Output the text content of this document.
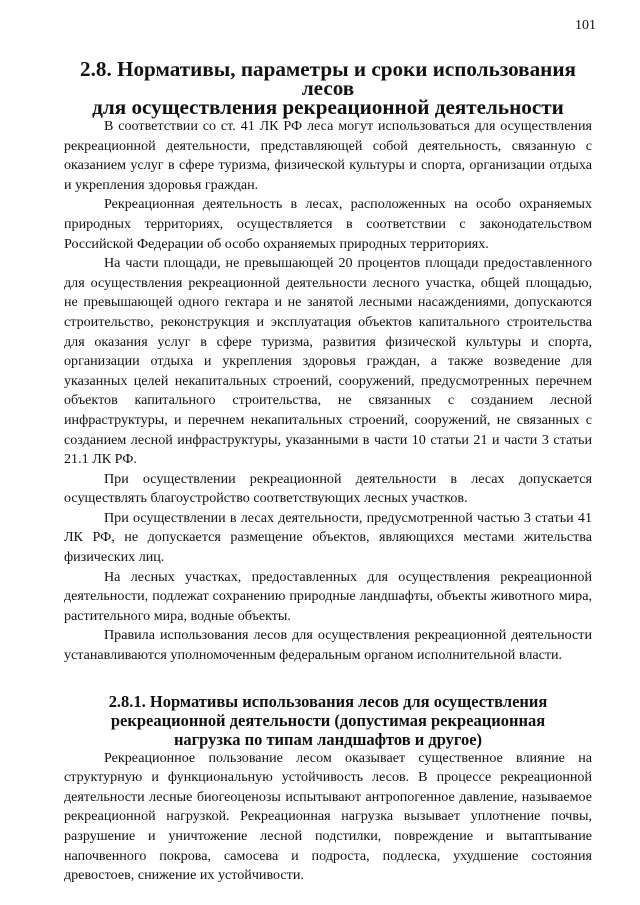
101
2.8. Нормативы, параметры и сроки использования лесов
для осуществления рекреационной деятельности

В соответствии со ст. 41 ЛК РФ леса могут использоваться для осуществления рекреационной деятельности, представляющей собой деятельность, связанную с оказанием услуг в сфере туризма, физической культуры и спорта, организации отдыха и укрепления здоровья граждан.

Рекреационная деятельность в лесах, расположенных на особо охраняемых природных территориях, осуществляется в соответствии с законодательством Российской Федерации об особо охраняемых природных территориях.

На части площади, не превышающей 20 процентов площади предоставленного для осуществления рекреационной деятельности лесного участка, общей площадью, не превышающей одного гектара и не занятой лесными насаждениями, допускаются строительство, реконструкция и эксплуатация объектов капитального строительства для оказания услуг в сфере туризма, развития физической культуры и спорта, организации отдыха и укрепления здоровья граждан, а также возведение для указанных целей некапитальных строений, сооружений, предусмотренных перечнем объектов капитального строительства, не связанных с созданием лесной инфраструктуры, и перечнем некапитальных строений, сооружений, не связанных с созданием лесной инфраструктуры, указанными в части 10 статьи 21 и части 3 статьи 21.1 ЛК РФ.

При осуществлении рекреационной деятельности в лесах допускается осуществлять благоустройство соответствующих лесных участков.

При осуществлении в лесах деятельности, предусмотренной частью 3 статьи 41 ЛК РФ, не допускается размещение объектов, являющихся местами жительства физических лиц.

На лесных участках, предоставленных для осуществления рекреационной деятельности, подлежат сохранению природные ландшафты, объекты животного мира, растительного мира, водные объекты.

Правила использования лесов для осуществления рекреационной деятельности устанавливаются уполномоченным федеральным органом исполнительной власти.

2.8.1. Нормативы использования лесов для осуществления
рекреационной деятельности (допустимая рекреационная
нагрузка по типам ландшафтов и другое)

Рекреационное пользование лесом оказывает существенное влияние на структурную и функциональную устойчивость лесов. В процессе рекреационной деятельности лесные биогеоценозы испытывают антропогенное давление, называемое рекреационной нагрузкой. Рекреационная нагрузка вызывает уплотнение почвы, разрушение и уничтожение лесной подстилки, повреждение и вытаптывание напочвенного покрова, самосева и подроста, подлеска, ухудшение состояния древостоев, снижение их устойчивости.
